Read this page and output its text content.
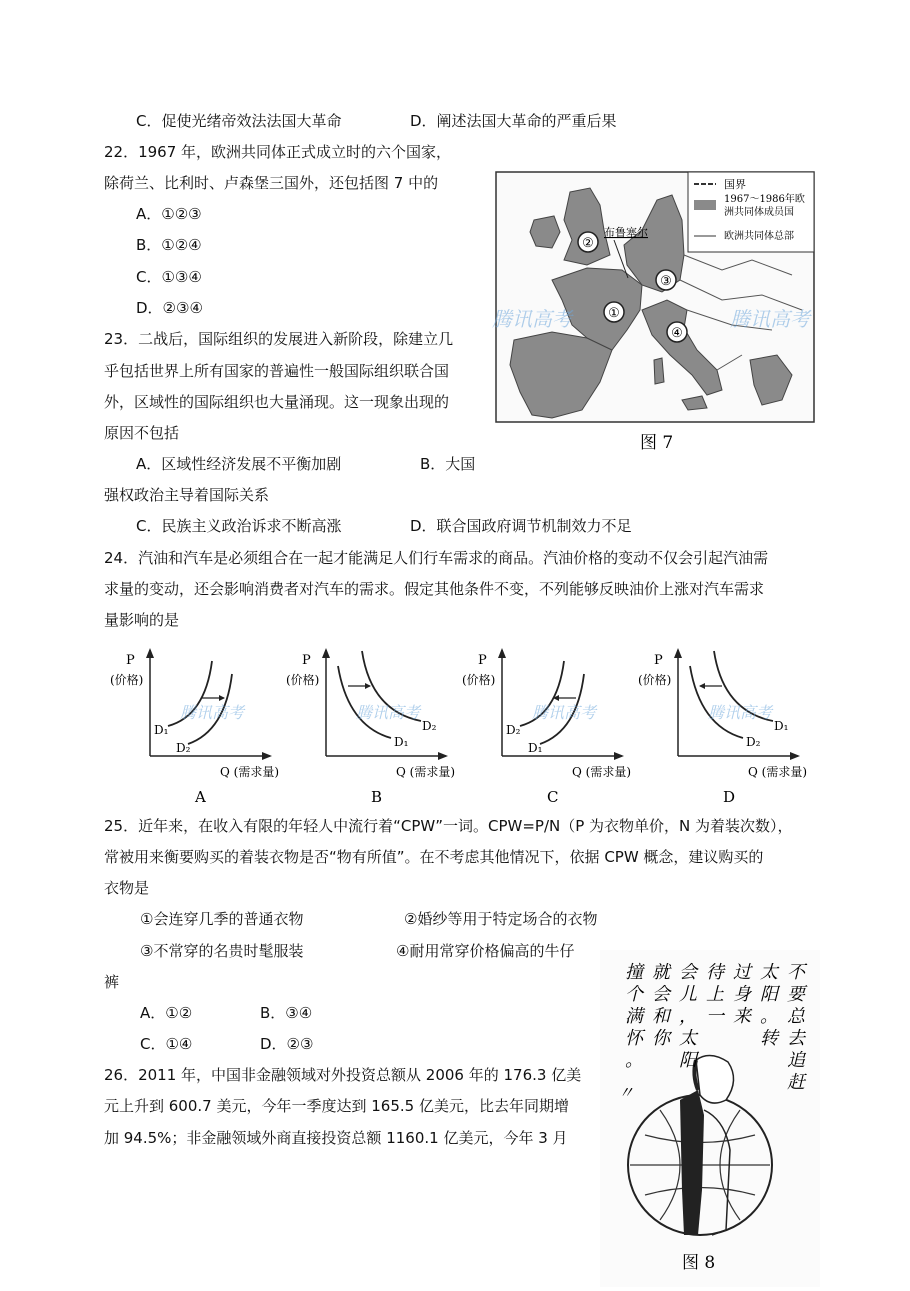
C．促使光绪帝效法法国大革命	D．阐述法国大革命的严重后果
22．1967 年，欧洲共同体正式成立时的六个国家，
除荷兰、比利时、卢森堡三国外，还包括图 7 中的
A．①②③
B．①②④
C．①③④
D．②③④
国界
1967～1986年欧
洲共同体成员国
欧洲共同体总部
布鲁塞尔
①
②
③
④
腾讯高考	腾讯高考
图 7
23．二战后，国际组织的发展进入新阶段，除建立几
乎包括世界上所有国家的普遍性一般国际组织联合国
外，区域性的国际组织也大量涌现。这一现象出现的
原因不包括
A．区域性经济发展不平衡加剧	B．大国
强权政治主导着国际关系
C．民族主义政治诉求不断高涨	D．联合国政府调节机制效力不足
24．汽油和汽车是必须组合在一起才能满足人们行车需求的商品。汽油价格的变动不仅会引起汽油需
求量的变动，还会影响消费者对汽车的需求。假定其他条件不变，不列能够反映油价上涨对汽车需求
量影响的是
P
(价格)
Q (需求量)
A
D₁
D₂
腾讯高考
P
(价格)
Q (需求量)
B
D₁
D₂
腾讯高考
P
(价格)
Q (需求量)
C
D₂
D₁
腾讯高考
P
(价格)
Q (需求量)
D
D₂
D₁
腾讯高考
25．近年来，在收入有限的年轻人中流行着“CPW”一词。CPW=P/N（P 为衣物单价，N 为着装次数），
常被用来衡要购买的着装衣物是否“物有所值”。在不考虑其他情况下，依据 CPW 概念，建议购买的
衣物是
①会连穿几季的普通衣物	②婚纱等用于特定场合的衣物
③不常穿的名贵时髦服装	④耐用常穿价格偏高的牛仔
裤
A．①②	B．③④
C．①④	D．②③
26．2011 年，中国非金融领域对外投资总额从 2006 年的 176.3 亿美
元上升到 600.7 美元，今年一季度达到 165.5 亿美元，比去年同期增
加 94.5%；非金融领域外商直接投资总额 1160.1 亿美元，今年 3 月
〃
不要总去追赶
太阳。转
过身来
待上一
会儿，太阳
就会和你
撞个满怀。
图 8
